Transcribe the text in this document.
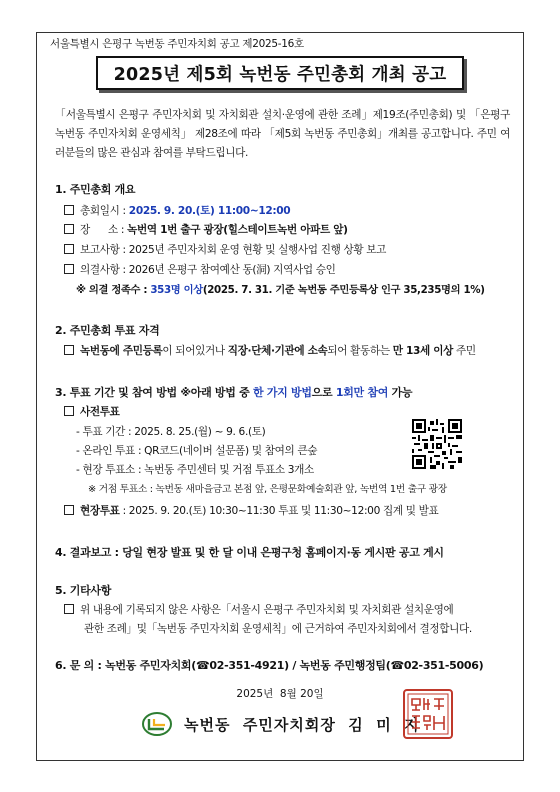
서울특별시 은평구 녹번동 주민자치회 공고 제2025-16호
2025년 제5회 녹번동 주민총회 개최 공고
「서울특별시 은평구 주민자치회 및 자치회관 설치·운영에 관한 조례」제19조(주민총회) 및 「은평구 녹번동 주민자치회 운영세칙」 제28조에 따라 「제5회 녹번동 주민총회」개최를 공고합니다. 주민 여러분들의 많은 관심과 참여를 부탁드립니다.
1. 주민총회 개요
총회일시 : 2025. 9. 20.(토) 11:00~12:00
장      소 : 녹번역 1번 출구 광장(힐스테이트녹번 아파트 앞)
보고사항 : 2025년 주민자치회 운영 현황 및 실행사업 진행 상황 보고
의결사항 : 2026년 은평구 참여예산 동(洞) 지역사업 승인
※ 의결 정족수 : 353명 이상(2025. 7. 31. 기준 녹번동 주민등록상 인구 35,235명의 1%)
2. 주민총회 투표 자격
녹번동에 주민등록이 되어있거나 직장·단체·기관에 소속되어 활동하는 만 13세 이상 주민
3. 투표 기간 및 참여 방법 ※아래 방법 중 한 가지 방법으로 1회만 참여 가능
사전투표
- 투표 기간 : 2025. 8. 25.(월) ~ 9. 6.(토)
- 온라인 투표 : QR코드(네이버 설문폼) 및 참여의 큰숲
- 현장 투표소 : 녹번동 주민센터 및 거점 투표소 3개소
※ 거점 투표소 : 녹번동 새마을금고 본점 앞, 은평문화예술회관 앞, 녹번역 1번 출구 광장
현장투표 : 2025. 9. 20.(토) 10:30~11:30 투표 및 11:30~12:00 집계 및 발표
4. 결과보고 : 당일 현장 발표 및 한 달 이내 은평구청 홈페이지·동 게시판 공고 게시
5. 기타사항
위 내용에 기록되지 않은 사항은「서울시 은평구 주민자치회 및 자치회관 설치운영에
관한 조례」및「녹번동 주민자치회 운영세칙」에 근거하여 주민자치회에서 결정합니다.
6. 문 의 : 녹번동 주민자치회(☎02-351-4921) / 녹번동 주민행정팀(☎02-351-5006)
2025년  8월 20일
녹번동  주민자치회장  김  미  지
